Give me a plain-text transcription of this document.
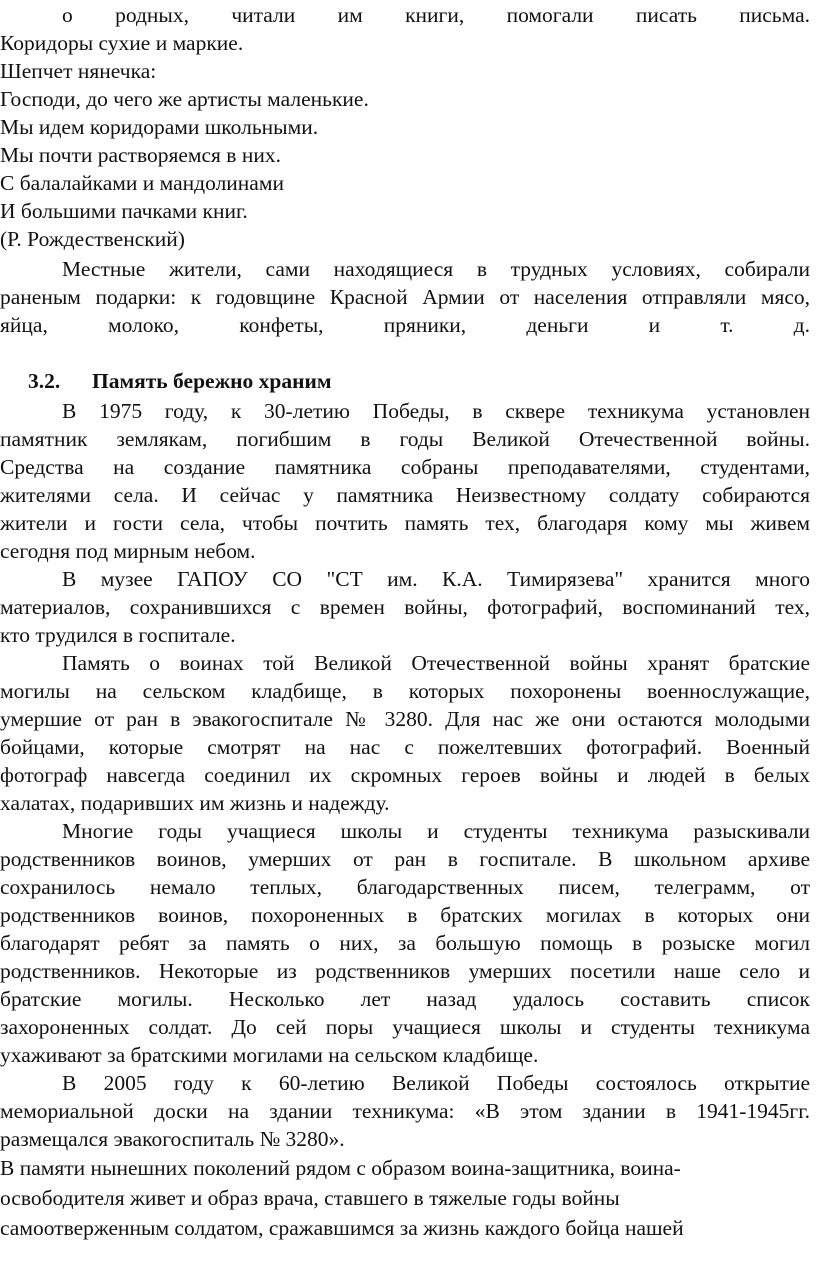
о родных, читали им книги, помогали писать письма.
Коридоры сухие и маркие.
Шепчет нянечка:
Господи, до чего же артисты маленькие.
Мы идем коридорами школьными.
Мы почти растворяемся в них.
С балалайками и мандолинами
И большими пачками книг.
(Р. Рождественский)
Местные жители, сами находящиеся в трудных условиях, собирали
раненым подарки: к годовщине Красной Армии от населения отправляли мясо,
яйца, молоко, конфеты, пряники, деньги и т. д.
3.2. Память бережно храним
В 1975 году, к 30-летию Победы, в сквере техникума установлен
памятник землякам, погибшим в годы Великой Отечественной войны.
Средства на создание памятника собраны преподавателями, студентами,
жителями села. И сейчас у памятника Неизвестному солдату собираются
жители и гости села, чтобы почтить память тех, благодаря кому мы живем
сегодня под мирным небом.
В музее ГАПОУ СО "СТ им. К.А. Тимирязева" хранится много
материалов, сохранившихся с времен войны, фотографий, воспоминаний тех,
кто трудился в госпитале.
Память о воинах той Великой Отечественной войны хранят братские
могилы на сельском кладбище, в которых похоронены военнослужащие,
умершие от ран в эвакогоспитале № 3280. Для нас же они остаются молодыми
бойцами, которые смотрят на нас с пожелтевших фотографий. Военный
фотограф навсегда соединил их скромных героев войны и людей в белых
халатах, подаривших им жизнь и надежду.
Многие годы учащиеся школы и студенты техникума разыскивали
родственников воинов, умерших от ран в госпитале. В школьном архиве
сохранилось немало теплых, благодарственных писем, телеграмм, от
родственников воинов, похороненных в братских могилах в которых они
благодарят ребят за память о них, за большую помощь в розыске могил
родственников. Некоторые из родственников умерших посетили наше село и
братские могилы. Несколько лет назад удалось составить список
захороненных солдат. До сей поры учащиеся школы и студенты техникума
ухаживают за братскими могилами на сельском кладбище.
В 2005 году к 60-летию Великой Победы состоялось открытие
мемориальной доски на здании техникума: «В этом здании в 1941-1945гг.
размещался эвакогоспиталь № 3280».
В памяти нынешних поколений рядом с образом воина-защитника, воина-
освободителя живет и образ врача, ставшего в тяжелые годы войны
самоотверженным солдатом, сражавшимся за жизнь каждого бойца нашей
